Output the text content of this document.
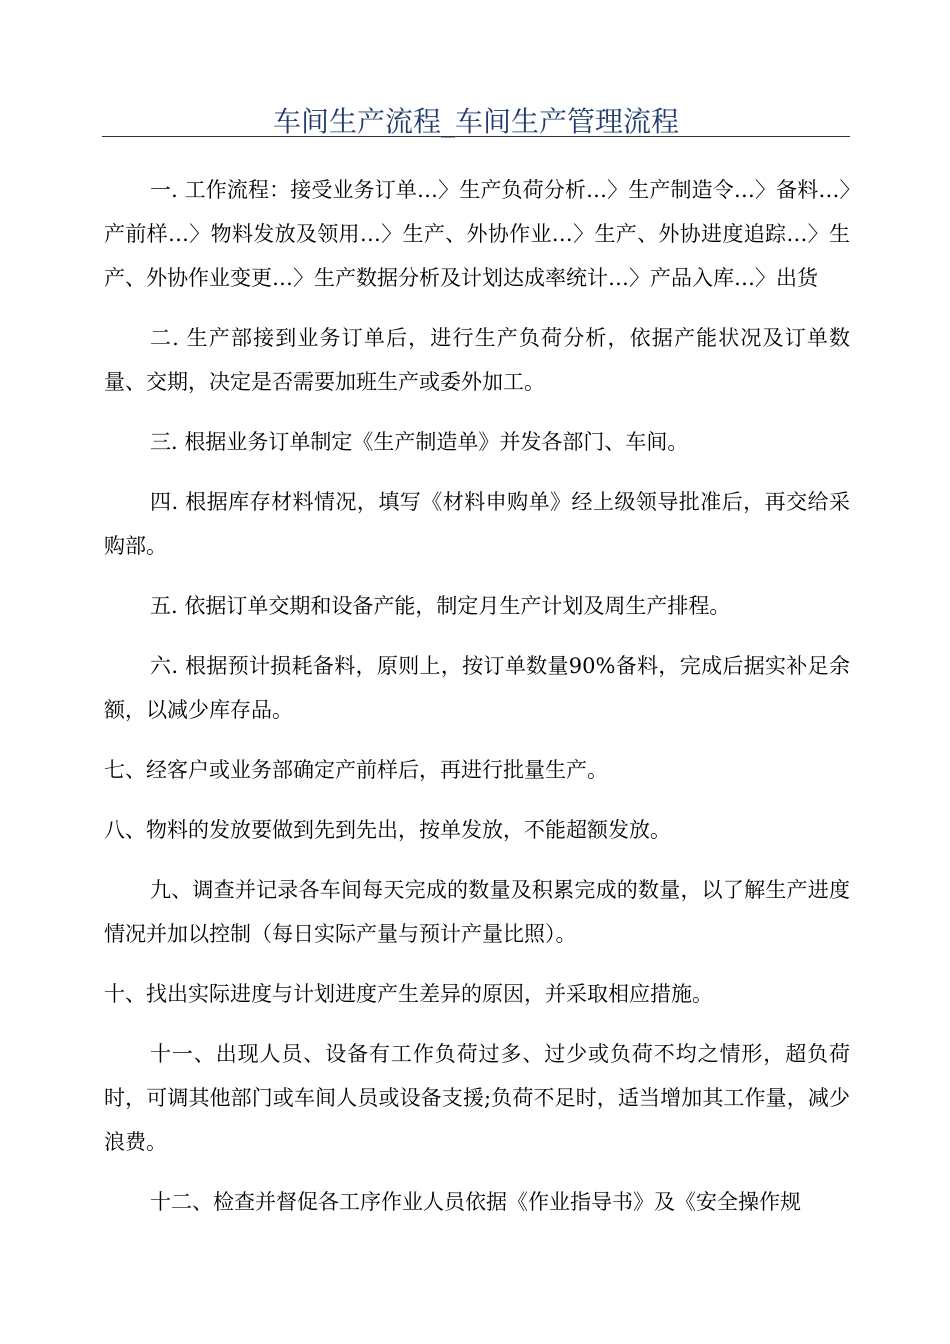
车间生产流程_车间生产管理流程

一. 工作流程：接受业务订单…〉生产负荷分析…〉生产制造令…〉备料…〉产前样…〉物料发放及领用…〉生产、外协作业…〉生产、外协进度追踪…〉生产、外协作业变更…〉生产数据分析及计划达成率统计…〉产品入库…〉出货

二. 生产部接到业务订单后，进行生产负荷分析，依据产能状况及订单数量、交期，决定是否需要加班生产或委外加工。

三. 根据业务订单制定《生产制造单》并发各部门、车间。

四. 根据库存材料情况，填写《材料申购单》经上级领导批准后，再交给采购部。

五. 依据订单交期和设备产能，制定月生产计划及周生产排程。

六. 根据预计损耗备料，原则上，按订单数量90%备料，完成后据实补足余额，以减少库存品。

七、经客户或业务部确定产前样后，再进行批量生产。

八、物料的发放要做到先到先出，按单发放，不能超额发放。

九、调查并记录各车间每天完成的数量及积累完成的数量，以了解生产进度情况并加以控制（每日实际产量与预计产量比照）。

十、找出实际进度与计划进度产生差异的原因，并采取相应措施。

十一、出现人员、设备有工作负荷过多、过少或负荷不均之情形，超负荷时，可调其他部门或车间人员或设备支援;负荷不足时，适当增加其工作量，减少浪费。

十二、检查并督促各工序作业人员依据《作业指导书》及《安全操作规
